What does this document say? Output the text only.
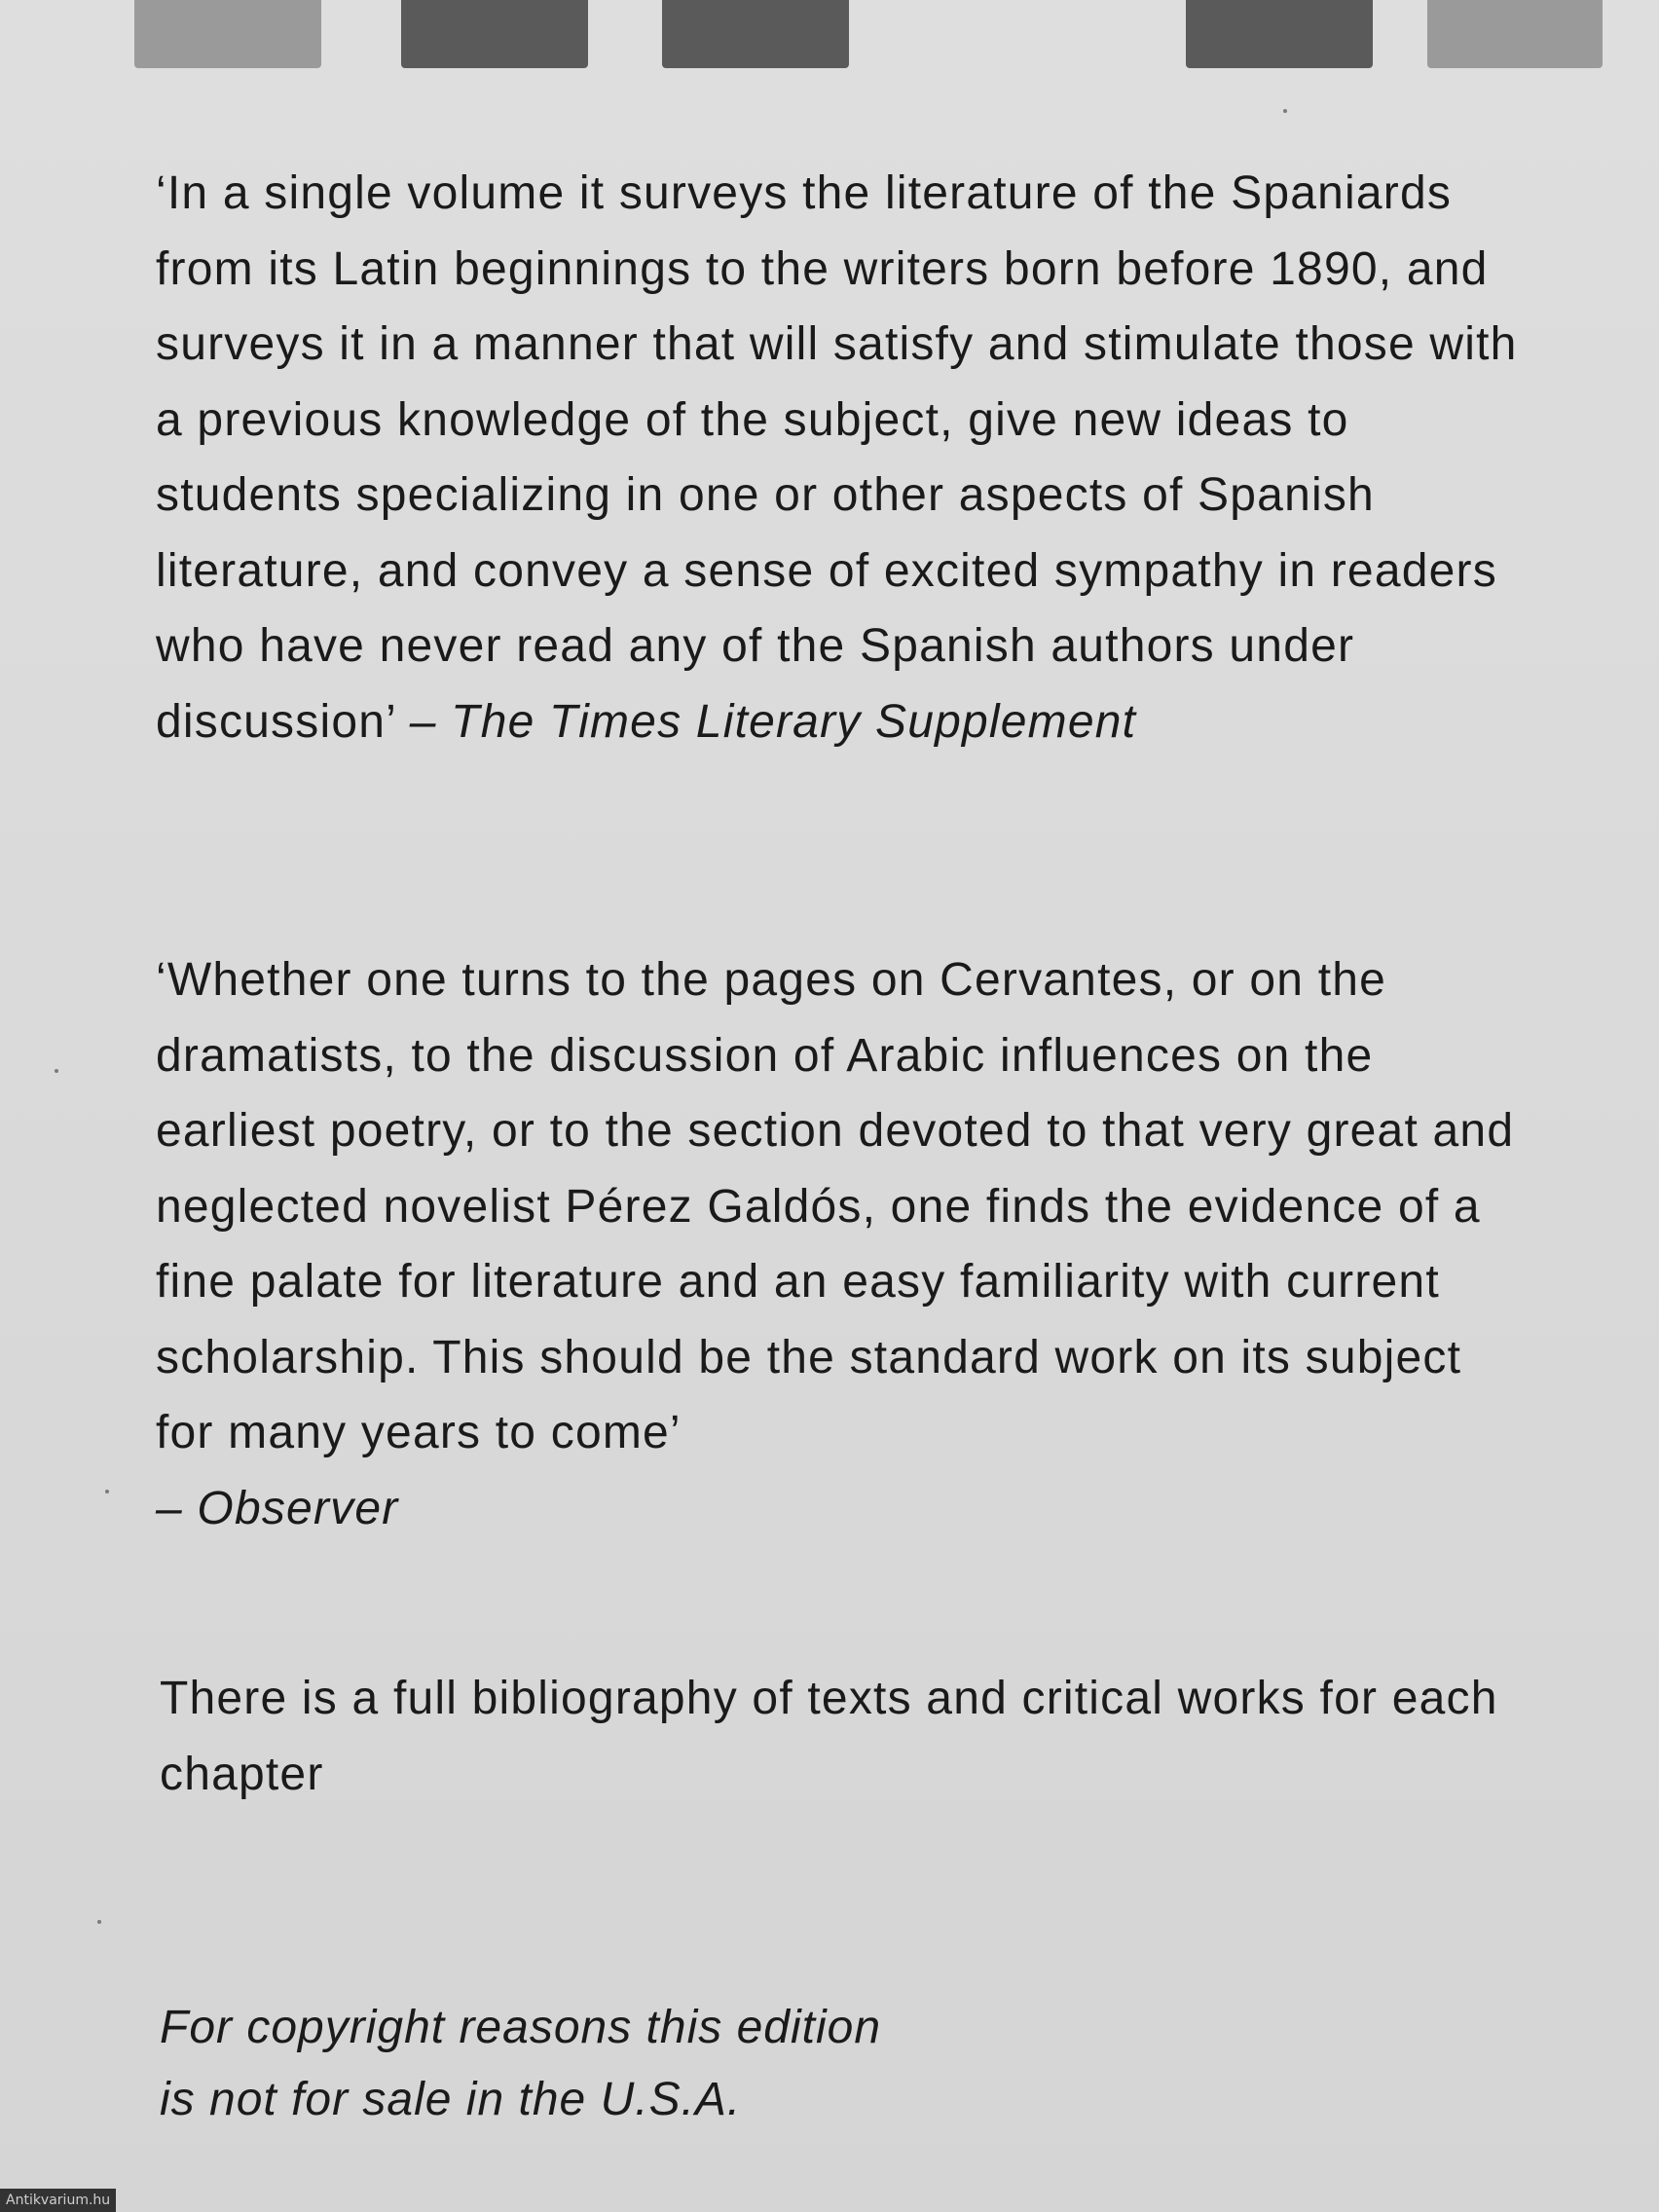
‘In a single volume it surveys the literature of the Spaniards from its Latin beginnings to the writers born before 1890, and surveys it in a manner that will satisfy and stimulate those with a previous knowledge of the subject, give new ideas to students specializing in one or other aspects of Spanish literature, and convey a sense of excited sympathy in readers who have never read any of the Spanish authors under discussion’ – The Times Literary Supplement

‘Whether one turns to the pages on Cervantes, or on the dramatists, to the discussion of Arabic influences on the earliest poetry, or to the section devoted to that very great and neglected novelist Pérez Galdós, one finds the evidence of a fine palate for literature and an easy familiarity with current scholarship. This should be the standard work on its subject for many years to come’
– Observer

There is a full bibliography of texts and critical works for each chapter

For copyright reasons this edition
is not for sale in the U.S.A.

Antikvarium.hu
